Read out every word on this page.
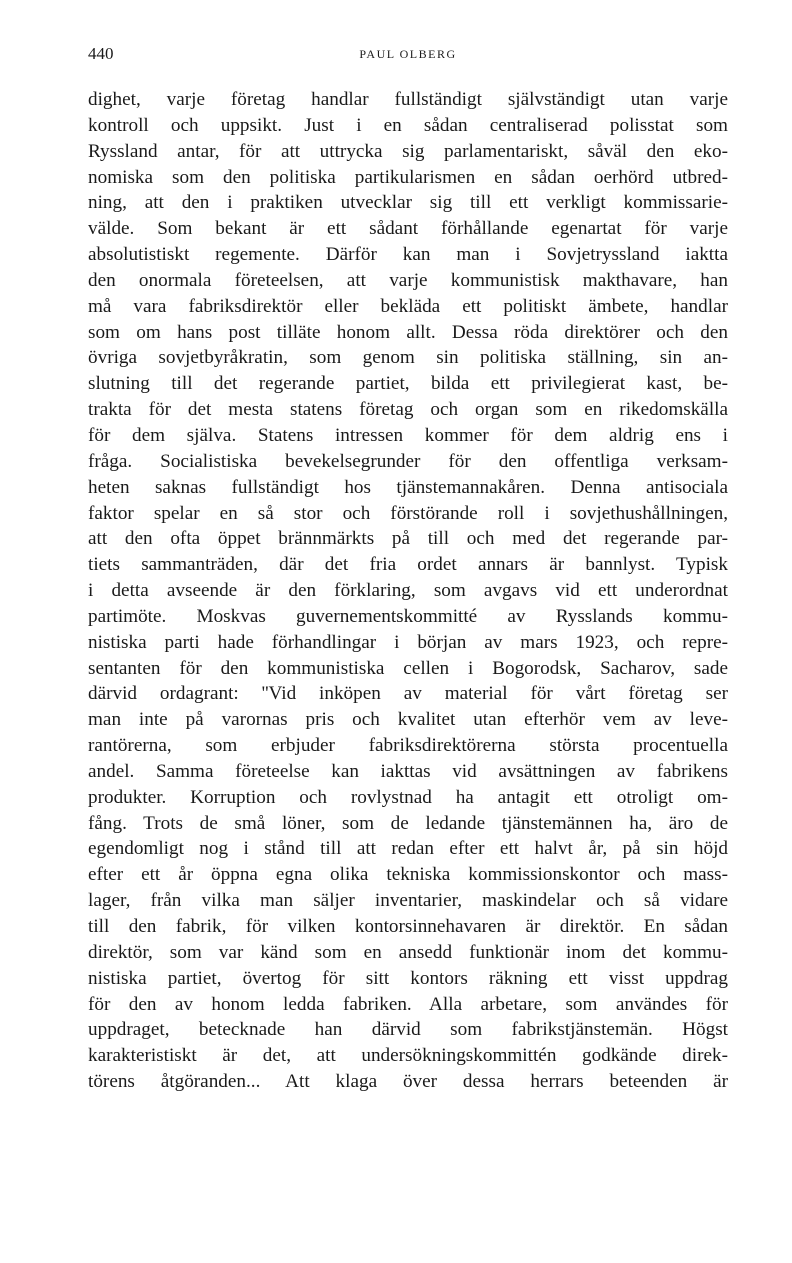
440	PAUL OLBERG
dighet, varje företag handlar fullständigt självständigt utan varje
kontroll och uppsikt. Just i en sådan centraliserad polisstat som
Ryssland antar, för att uttrycka sig parlamentariskt, såväl den eko-
nomiska som den politiska partikularismen en sådan oerhörd utbred-
ning, att den i praktiken utvecklar sig till ett verkligt kommissarie-
välde. Som bekant är ett sådant förhållande egenartat för varje
absolutistiskt regemente. Därför kan man i Sovjetryssland iaktta
den onormala företeelsen, att varje kommunistisk makthavare, han
må vara fabriksdirektör eller bekläda ett politiskt ämbete, handlar
som om hans post tilläte honom allt. Dessa röda direktörer och den
övriga sovjetbyråkratin, som genom sin politiska ställning, sin an-
slutning till det regerande partiet, bilda ett privilegierat kast, be-
trakta för det mesta statens företag och organ som en rikedomskälla
för dem själva. Statens intressen kommer för dem aldrig ens i
fråga. Socialistiska bevekelsegrunder för den offentliga verksam-
heten saknas fullständigt hos tjänstemannakåren. Denna antisociala
faktor spelar en så stor och förstörande roll i sovjethushållningen,
att den ofta öppet brännmärkts på till och med det regerande par-
tiets sammanträden, där det fria ordet annars är bannlyst. Typisk
i detta avseende är den förklaring, som avgavs vid ett underordnat
partimöte. Moskvas guvernementskommitté av Rysslands kommu-
nistiska parti hade förhandlingar i början av mars 1923, och repre-
sentanten för den kommunistiska cellen i Bogorodsk, Sacharov, sade
därvid ordagrant: ''Vid inköpen av material för vårt företag ser
man inte på varornas pris och kvalitet utan efterhör vem av leve-
rantörerna, som erbjuder fabriksdirektörerna största procentuella
andel. Samma företeelse kan iakttas vid avsättningen av fabrikens
produkter. Korruption och rovlystnad ha antagit ett otroligt om-
fång. Trots de små löner, som de ledande tjänstemännen ha, äro de
egendomligt nog i stånd till att redan efter ett halvt år, på sin höjd
efter ett år öppna egna olika tekniska kommissionskontor och mass-
lager, från vilka man säljer inventarier, maskindelar och så vidare
till den fabrik, för vilken kontorsinnehavaren är direktör. En sådan
direktör, som var känd som en ansedd funktionär inom det kommu-
nistiska partiet, övertog för sitt kontors räkning ett visst uppdrag
för den av honom ledda fabriken. Alla arbetare, som användes för
uppdraget, betecknade han därvid som fabrikstjänstemän. Högst
karakteristiskt är det, att undersökningskommittén godkände direk-
törens åtgöranden... Att klaga över dessa herrars beteenden är
